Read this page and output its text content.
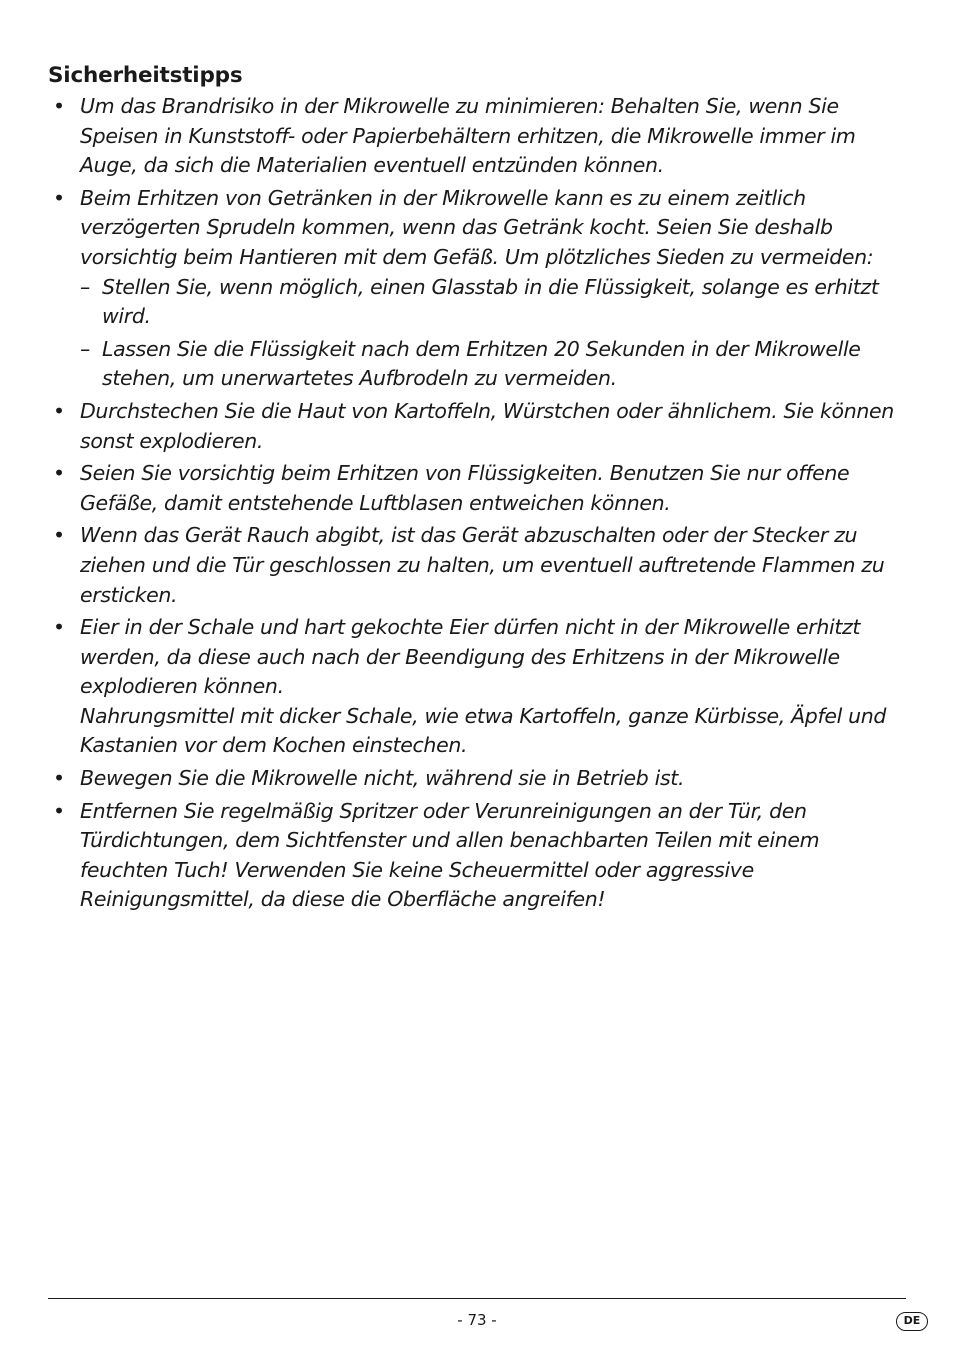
Sicherheitstipps
• Um das Brandrisiko in der Mikrowelle zu minimieren: Behalten Sie, wenn Sie Speisen in Kunststoff- oder Papierbehältern erhitzen, die Mikrowelle immer im Auge, da sich die Materialien eventuell entzünden können.
• Beim Erhitzen von Getränken in der Mikrowelle kann es zu einem zeitlich verzögerten Sprudeln kommen, wenn das Getränk kocht. Seien Sie deshalb vorsichtig beim Hantieren mit dem Gefäß. Um plötzliches Sieden zu vermeiden:
– Stellen Sie, wenn möglich, einen Glasstab in die Flüssigkeit, solange es erhitzt wird.
– Lassen Sie die Flüssigkeit nach dem Erhitzen 20 Sekunden in der Mikrowelle stehen, um unerwartetes Aufbrodeln zu vermeiden.
• Durchstechen Sie die Haut von Kartoffeln, Würstchen oder ähnlichem. Sie können sonst explodieren.
• Seien Sie vorsichtig beim Erhitzen von Flüssigkeiten. Benutzen Sie nur offene Gefäße, damit entstehende Luftblasen entweichen können.
• Wenn das Gerät Rauch abgibt, ist das Gerät abzuschalten oder der Stecker zu ziehen und die Tür geschlossen zu halten, um eventuell auftretende Flammen zu ersticken.
• Eier in der Schale und hart gekochte Eier dürfen nicht in der Mikrowelle erhitzt werden, da diese auch nach der Beendigung des Erhitzens in der Mikrowelle explodieren können.
Nahrungsmittel mit dicker Schale, wie etwa Kartoffeln, ganze Kürbisse, Äpfel und Kastanien vor dem Kochen einstechen.
• Bewegen Sie die Mikrowelle nicht, während sie in Betrieb ist.
• Entfernen Sie regelmäßig Spritzer oder Verunreinigungen an der Tür, den Türdichtungen, dem Sichtfenster und allen benachbarten Teilen mit einem feuchten Tuch! Verwenden Sie keine Scheuermittel oder aggressive Reinigungsmittel, da diese die Oberfläche angreifen!
- 73 -	DE
